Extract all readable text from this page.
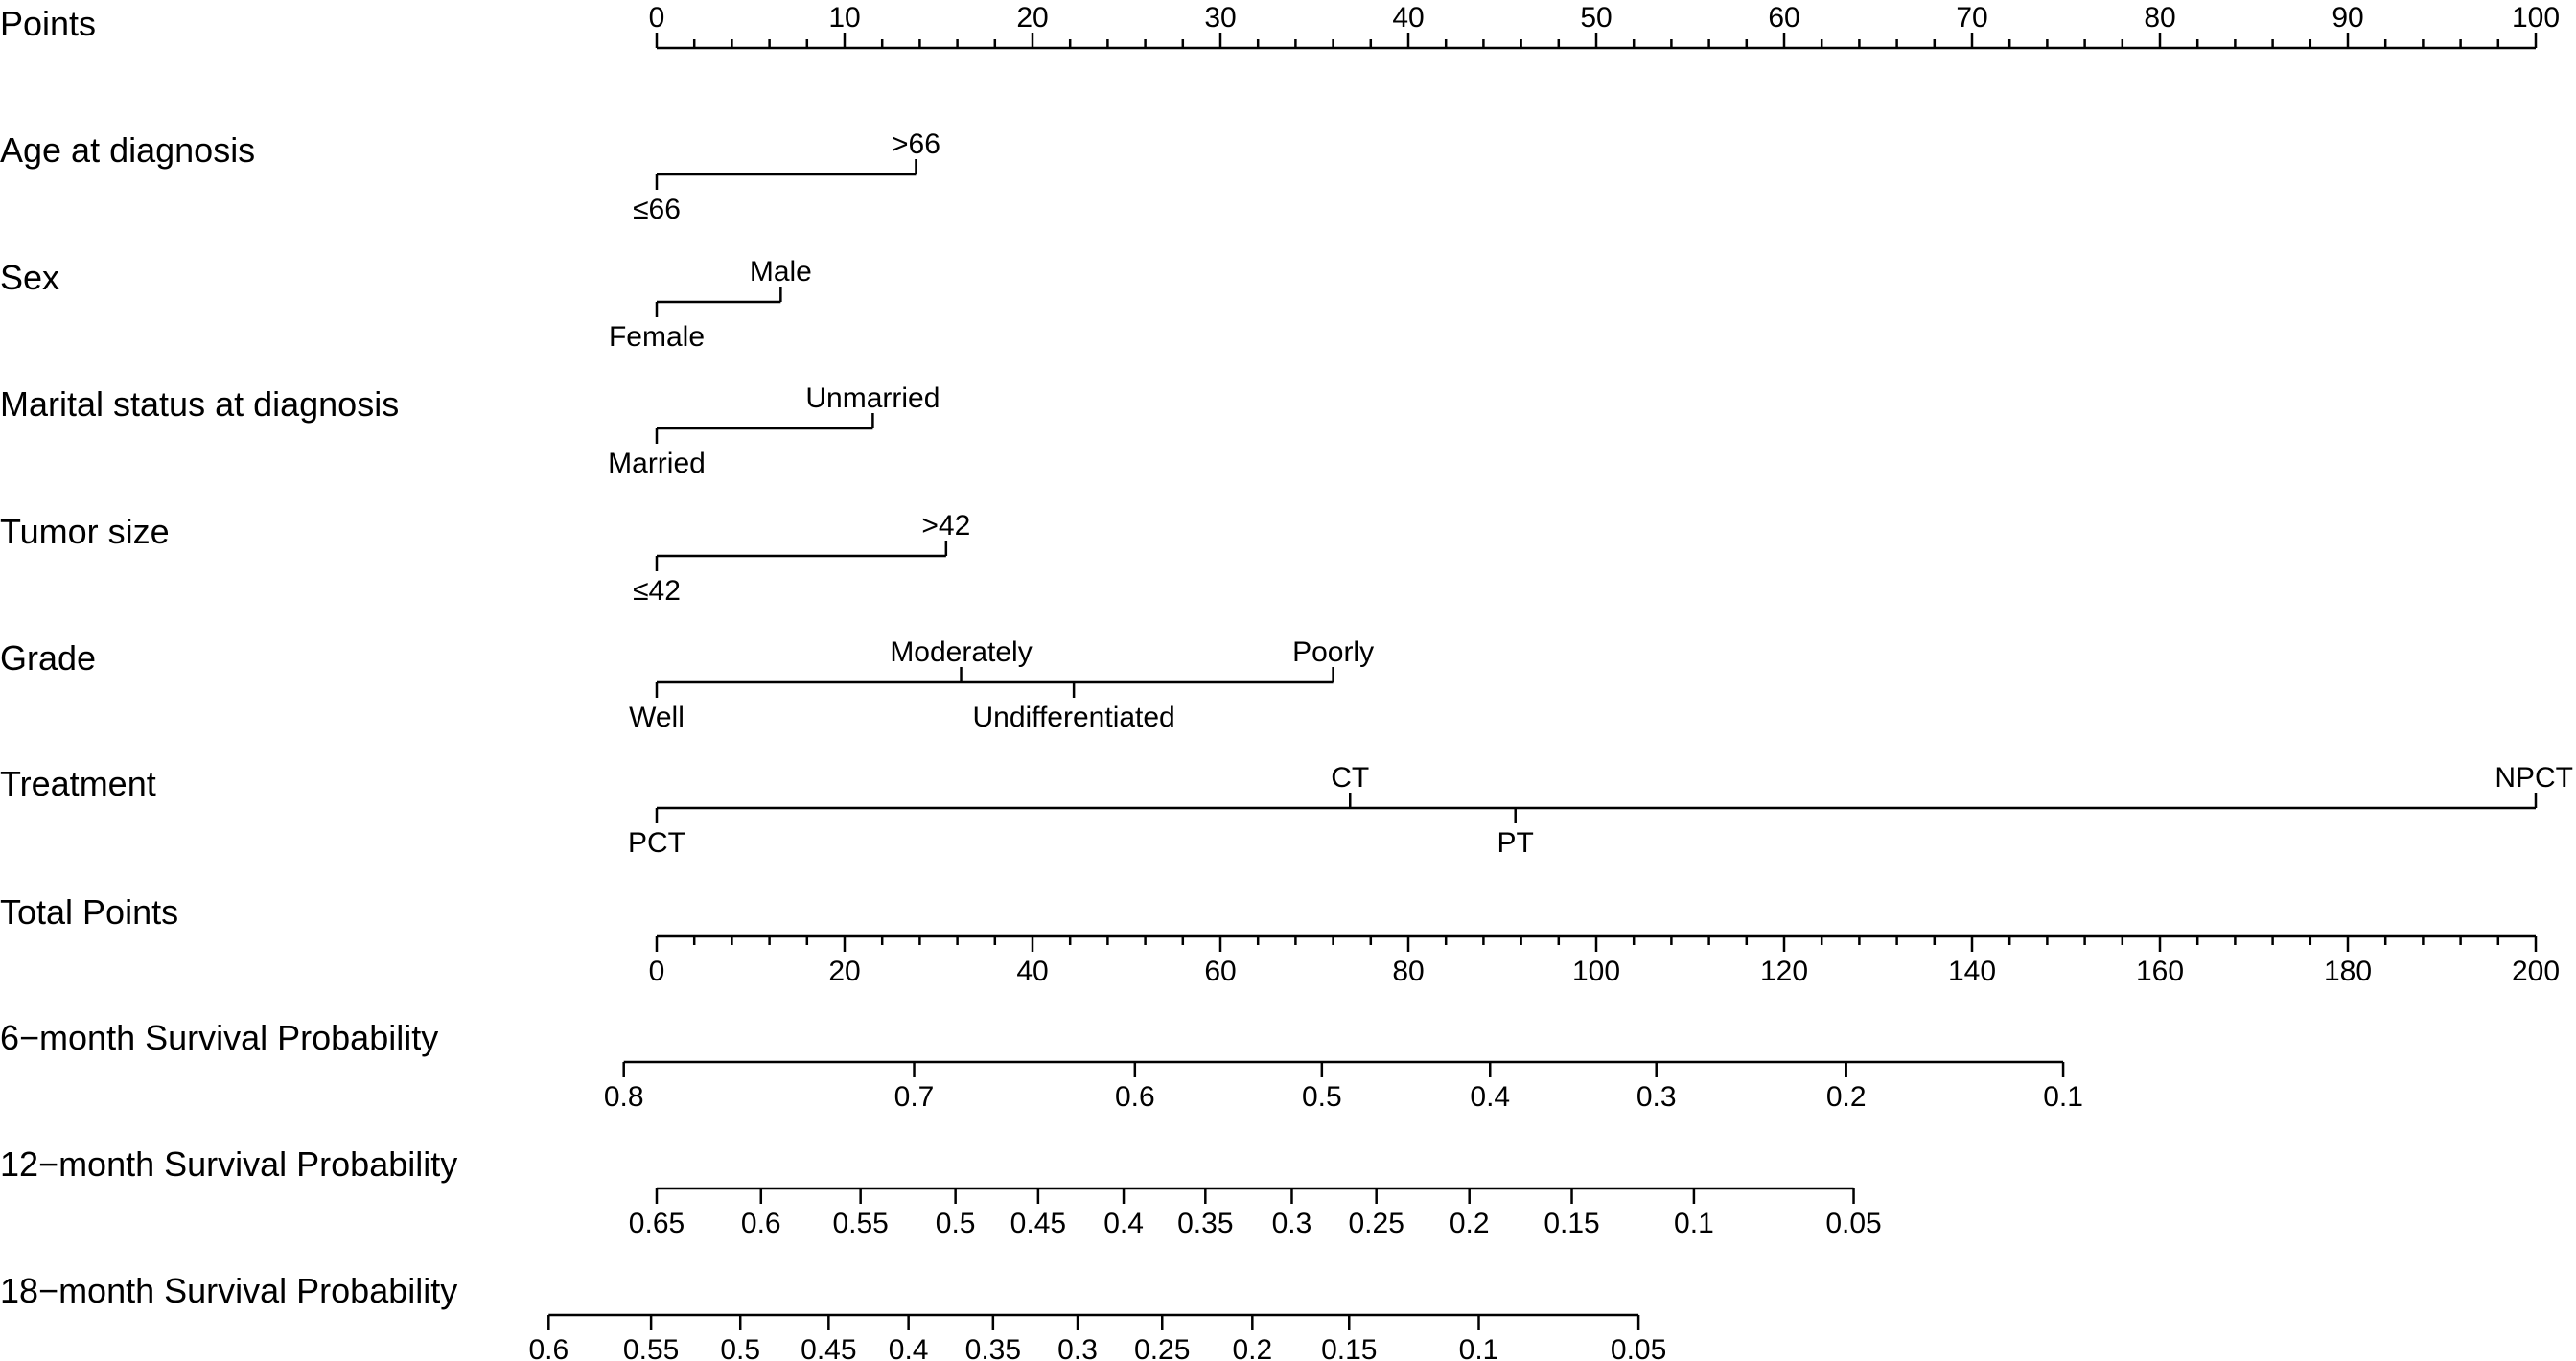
Points	0	10	20	30	40	50	60	70	80	90	100
Age at diagnosis
≤66
>66
Sex
Female
Male
Marital status at diagnosis
Married
Unmarried
Tumor size
≤42
>42
Grade
Well
Moderately
Undifferentiated
Poorly
Treatment
PCT
CT
PT
NPCT
Total Points
0	20	40	60	80	100	120	140	160	180	200
6−month Survival Probability
0.8	0.7	0.6	0.5	0.4	0.3	0.2	0.1
12−month Survival Probability
0.65 0.6 0.55 0.5 0.45 0.4 0.35 0.3 0.25 0.2 0.15	0.1	0.05
18−month Survival Probability
0.6 0.55 0.5 0.45 0.4 0.35 0.3 0.25 0.2 0.15	0.1	0.05
